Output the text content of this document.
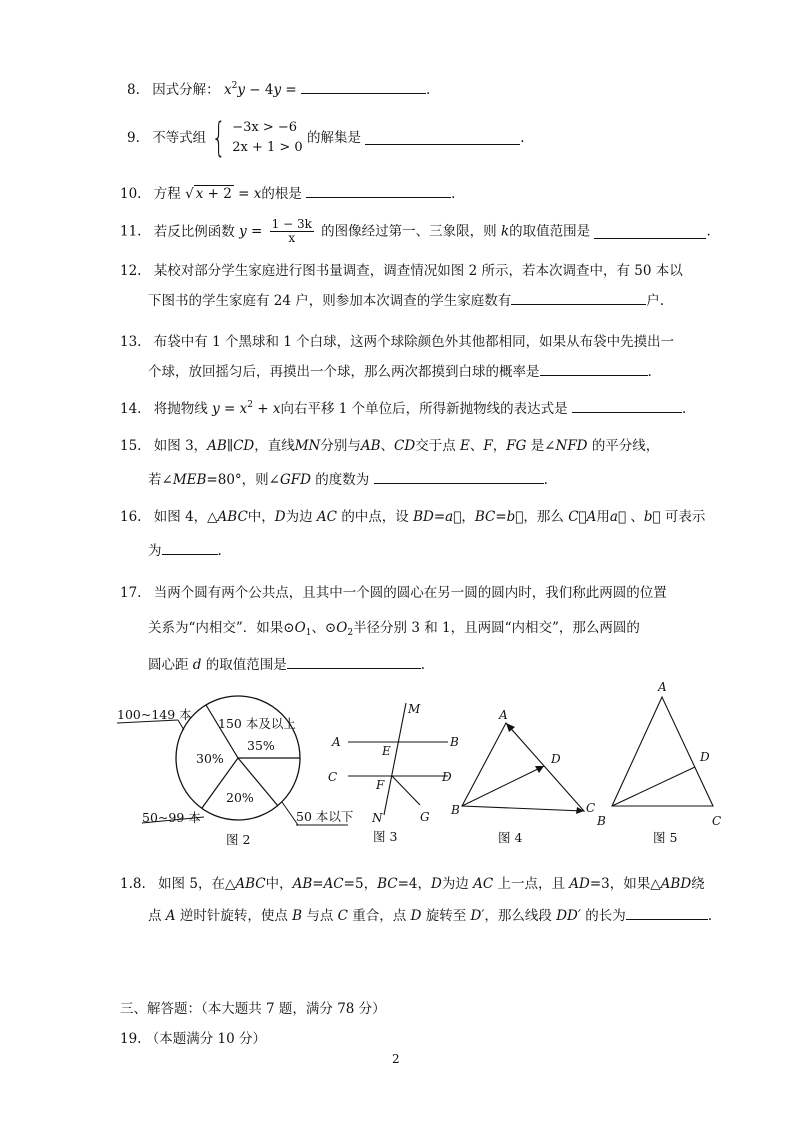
8. 因式分解： $x^2y - 4y$ =	.
9. 不等式组 { −3x > −6
2x + 1 > 0
的解集是	.
10. 方程 √ x + 2 = x的根是	.
11. 若反比例函数 $y = \frac{1 - 3k}{x}$ 的图像经过第一、三象限，则 k的取值范围是	.
12. 某校对部分学生家庭进行图书量调查，调查情况如图 2 所示，若本次调查中，有 50 本以
下图书的学生家庭有 24 户，则参加本次调查的学生家庭数有	户.
13. 布袋中有 1 个黑球和 1 个白球，这两个球除颜色外其他都相同，如果从布袋中先摸出一
个球，放回摇匀后，再摸出一个球，那么两次都摸到白球的概率是	.
14. 将抛物线 $y = x^2 + x$向右平移 1 个单位后，所得新抛物线的表达式是	.
15. 如图 3，AB∥CD，直线MN分别与AB、CD交于点 E、F，FG 是∠NFD 的平分线，
若∠MEB=80°，则∠GFD 的度数为	.
16. 如图 4，△ABC中，D为边 AC 的中点，设 BD=a⃗，BC=b⃗，那么 C⃗A用a⃗ 、b⃗ 可表示
为	.
17. 当两个圆有两个公共点，且其中一个圆的圆心在另一圆的圆内时，我们称此两圆的位置
关系为“内相交”．如果$⊙O_1$、$⊙O_2$半径分别 3 和 1，且两圆“内相交”，那么两圆的
圆心距 d 的取值范围是	.
150 本及以上
35%
30%
20%
100~149 本
50~99 本	50 本以下
图 2
M
A	B
E
C	D
F
N	G
图 3
A
D
B	C
图 4
A
D
B	C
图 5
1.8. 如图 5，在△ABC中，AB=AC=5，BC=4，D为边 AC 上一点，且 AD=3，如果△ABD绕
点 A 逆时针旋转，使点 B 与点 C 重合，点 D 旋转至 D′，那么线段 DD′ 的长为	.
三、解答题：（本大题共 7 题，满分 78 分）
19. （本题满分 10 分）
2
